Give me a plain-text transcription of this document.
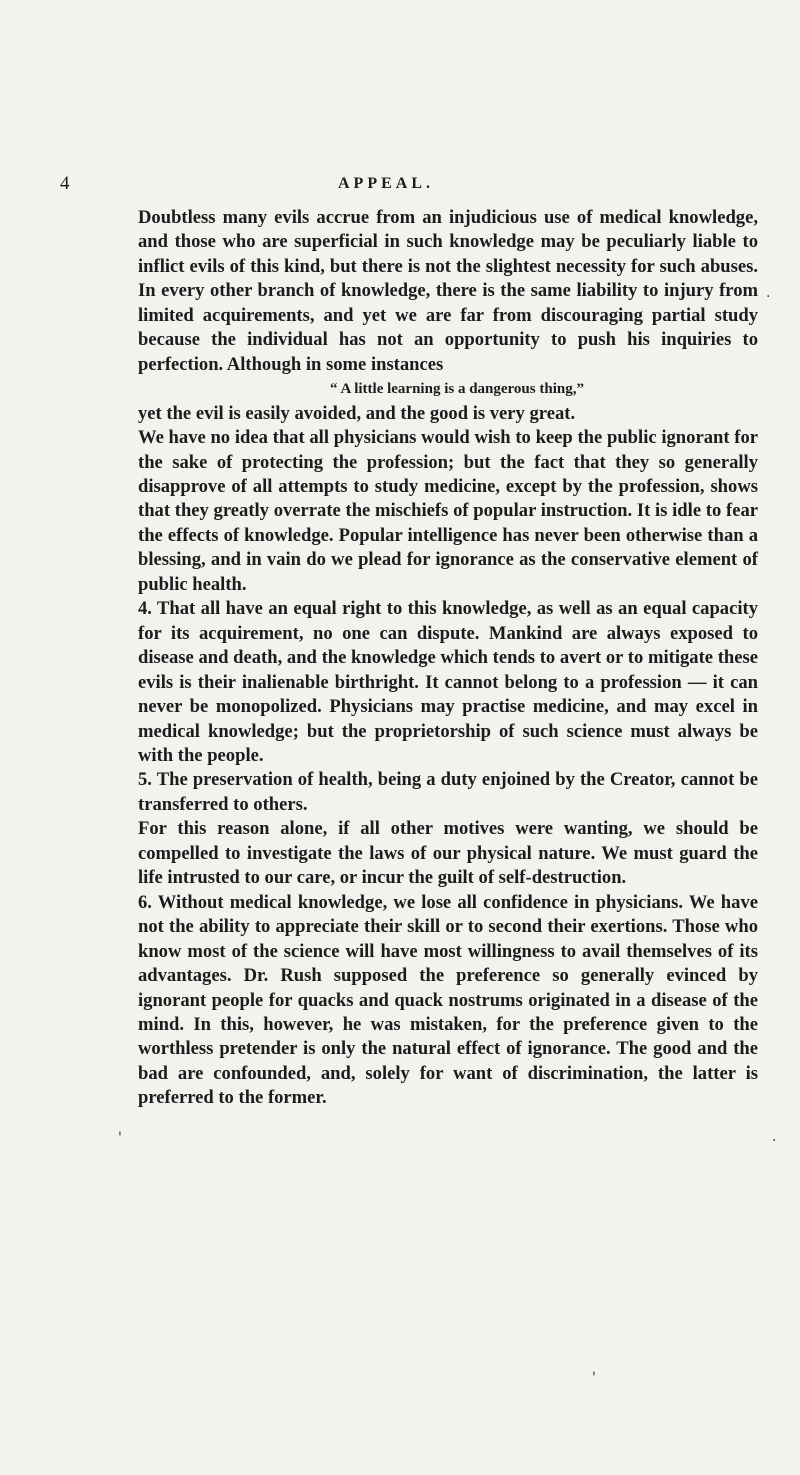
4	APPEAL.

Doubtless many evils accrue from an injudicious use of medical knowledge, and those who are superficial in such knowledge may be peculiarly liable to inflict evils of this kind, but there is not the slightest necessity for such abuses. In every other branch of knowledge, there is the same liability to injury from limited acquirements, and yet we are far from discouraging partial study because the individual has not an opportunity to push his inquiries to perfection. Although in some instances

“ A little learning is a dangerous thing,”

yet the evil is easily avoided, and the good is very great.

We have no idea that all physicians would wish to keep the public ignorant for the sake of protecting the profession; but the fact that they so generally disapprove of all attempts to study medicine, except by the profession, shows that they greatly overrate the mischiefs of popular instruction. It is idle to fear the effects of knowledge. Popular intelligence has never been otherwise than a blessing, and in vain do we plead for ignorance as the conservative element of public health.

4. That all have an equal right to this knowledge, as well as an equal capacity for its acquirement, no one can dispute. Mankind are always exposed to disease and death, and the knowledge which tends to avert or to mitigate these evils is their inalienable birthright. It cannot belong to a profession — it can never be monopolized. Physicians may practise medicine, and may excel in medical knowledge; but the proprietorship of such science must always be with the people.

5. The preservation of health, being a duty enjoined by the Creator, cannot be transferred to others.

For this reason alone, if all other motives were wanting, we should be compelled to investigate the laws of our physical nature. We must guard the life intrusted to our care, or incur the guilt of self-destruction.

6. Without medical knowledge, we lose all confidence in physicians. We have not the ability to appreciate their skill or to second their exertions. Those who know most of the science will have most willingness to avail themselves of its advantages. Dr. Rush supposed the preference so generally evinced by ignorant people for quacks and quack nostrums originated in a disease of the mind. In this, however, he was mistaken, for the preference given to the worthless pretender is only the natural effect of ignorance. The good and the bad are confounded, and, solely for want of discrimination, the latter is preferred to the former.

.
·
'
'
